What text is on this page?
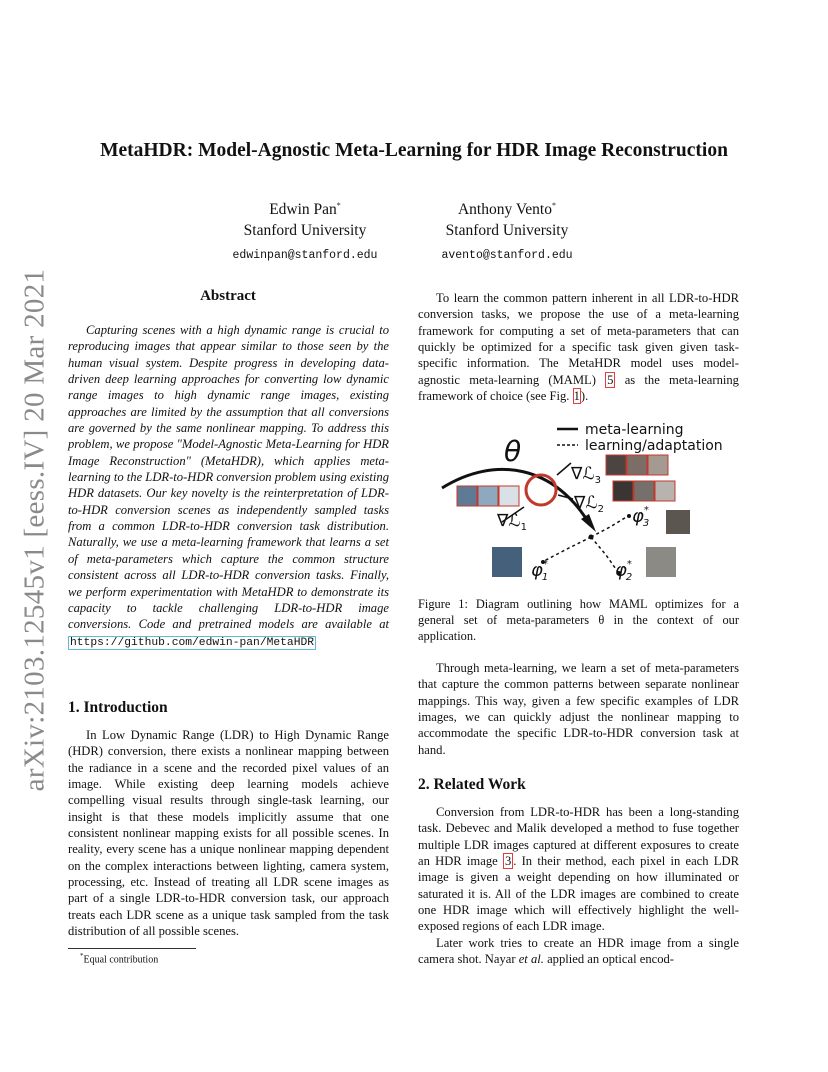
arXiv:2103.12545v1 [eess.IV] 20 Mar 2021
MetaHDR: Model-Agnostic Meta-Learning for HDR Image Reconstruction
Edwin Pan*
Stanford University
edwinpan@stanford.edu
Anthony Vento*
Stanford University
avento@stanford.edu
Abstract
Capturing scenes with a high dynamic range is crucial to reproducing images that appear similar to those seen by the human visual system. Despite progress in developing data-driven deep learning approaches for converting low dynamic range images to high dynamic range images, existing approaches are limited by the assumption that all conversions are governed by the same nonlinear mapping. To address this problem, we propose "Model-Agnostic Meta-Learning for HDR Image Reconstruction" (MetaHDR), which applies meta-learning to the LDR-to-HDR conversion problem using existing HDR datasets. Our key novelty is the reinterpretation of LDR-to-HDR conversion scenes as independently sampled tasks from a common LDR-to-HDR conversion task distribution. Naturally, we use a meta-learning framework that learns a set of meta-parameters which capture the common structure consistent across all LDR-to-HDR conversion tasks. Finally, we perform experimentation with MetaHDR to demonstrate its capacity to tackle challenging LDR-to-HDR image conversions. Code and pretrained models are available at https://github.com/edwin-pan/MetaHDR
1. Introduction
In Low Dynamic Range (LDR) to High Dynamic Range (HDR) conversion, there exists a nonlinear mapping between the radiance in a scene and the recorded pixel values of an image. While existing deep learning models achieve compelling visual results through single-task learning, our insight is that these models implicitly assume that one consistent nonlinear mapping exists for all possible scenes. In reality, every scene has a unique nonlinear mapping dependent on the complex interactions between lighting, camera system, processing, etc. Instead of treating all LDR scene images as part of a single LDR-to-HDR conversion task, our approach treats each LDR scene as a unique task sampled from the task distribution of all possible scenes.
*Equal contribution
To learn the common pattern inherent in all LDR-to-HDR conversion tasks, we propose the use of a meta-learning framework for computing a set of meta-parameters that can quickly be optimized for a specific task given given task-specific information. The MetaHDR model uses model-agnostic meta-learning (MAML) 5 as the meta-learning framework of choice (see Fig. 1).
meta-learning
learning/adaptation
θ
∇ℒ$_1$
∇ℒ$_3$
∇ℒ$_2$
φ* 1	φ* 2
φ* 3
Figure 1: Diagram outlining how MAML optimizes for a general set of meta-parameters θ in the context of our application.
Through meta-learning, we learn a set of meta-parameters that capture the common patterns between separate nonlinear mappings. This way, given a few specific examples of LDR images, we can quickly adjust the nonlinear mapping to accommodate the specific LDR-to-HDR conversion task at hand.
2. Related Work
Conversion from LDR-to-HDR has been a long-standing task. Debevec and Malik developed a method to fuse together multiple LDR images captured at different exposures to create an HDR image 3 . In their method, each pixel in each LDR image is given a weight depending on how illuminated or saturated it is. All of the LDR images are combined to create one HDR image which will effectively highlight the well-exposed regions of each LDR image.
Later work tries to create an HDR image from a single camera shot. Nayar et al. applied an optical encod-
